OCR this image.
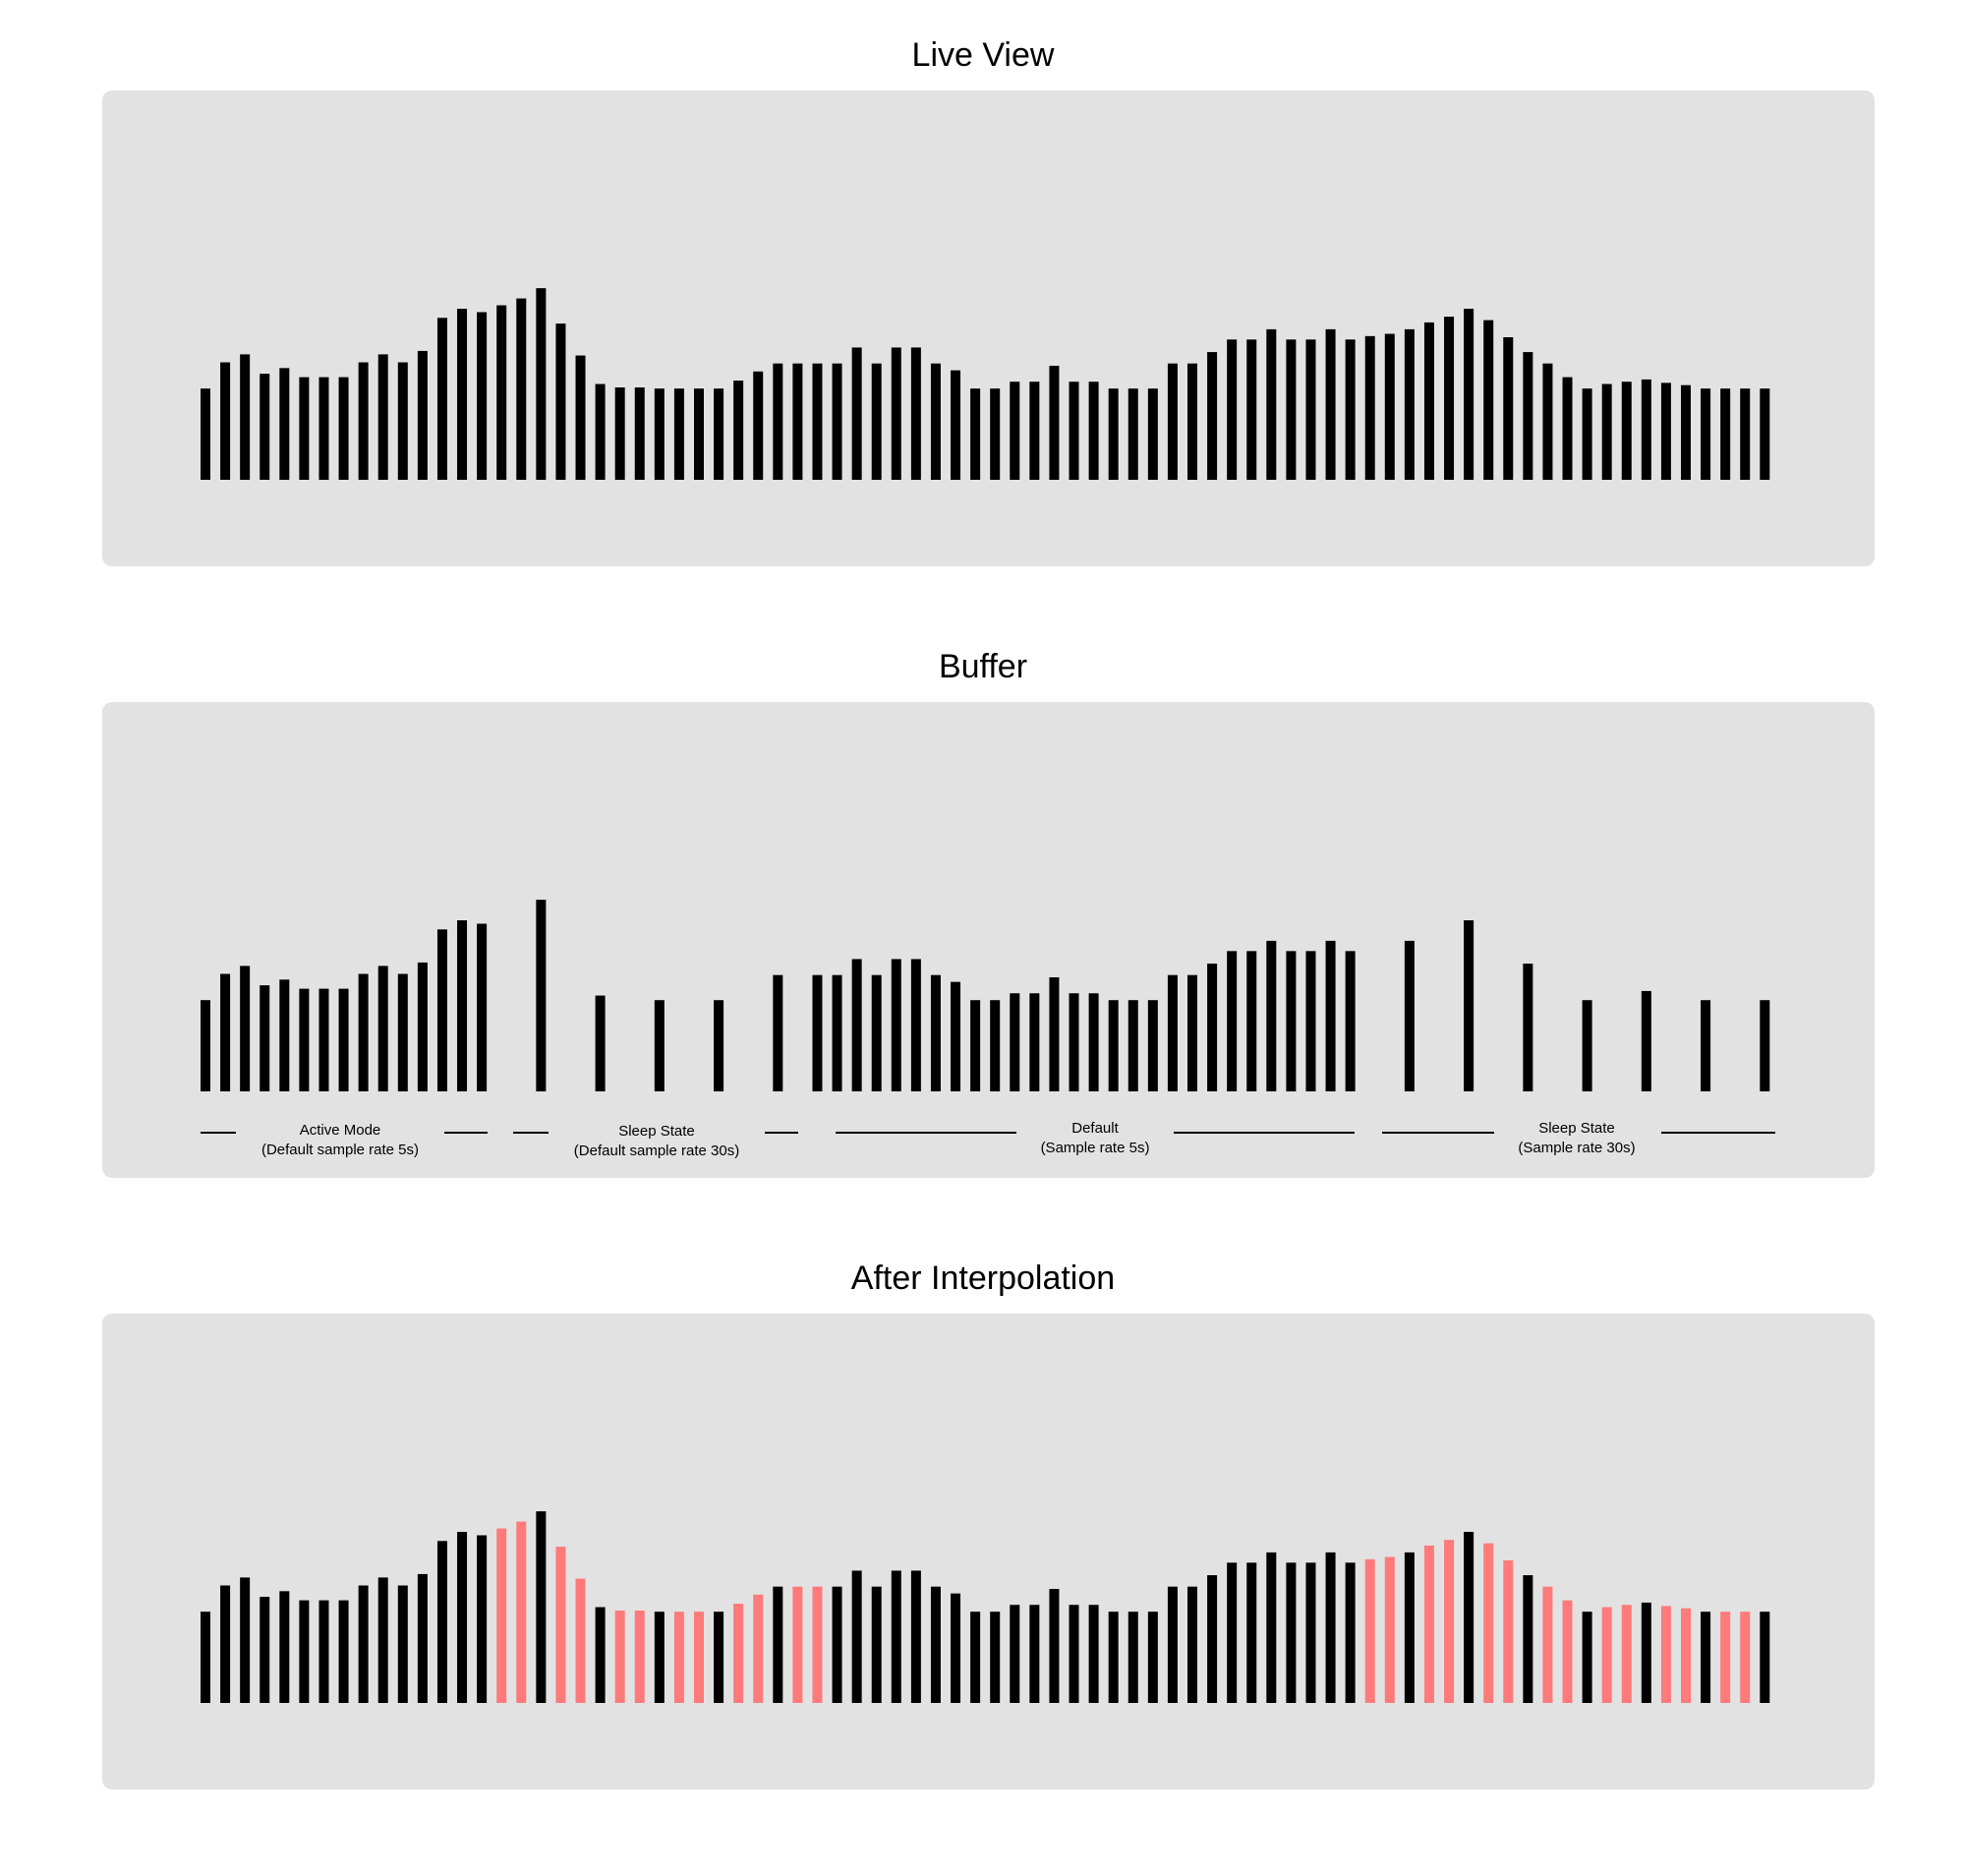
Live View
Buffer
Active Mode
(Default sample rate 5s)
Sleep State
(Default sample rate 30s)
Default
(Sample rate 5s)
Sleep State
(Sample rate 30s)
After Interpolation
